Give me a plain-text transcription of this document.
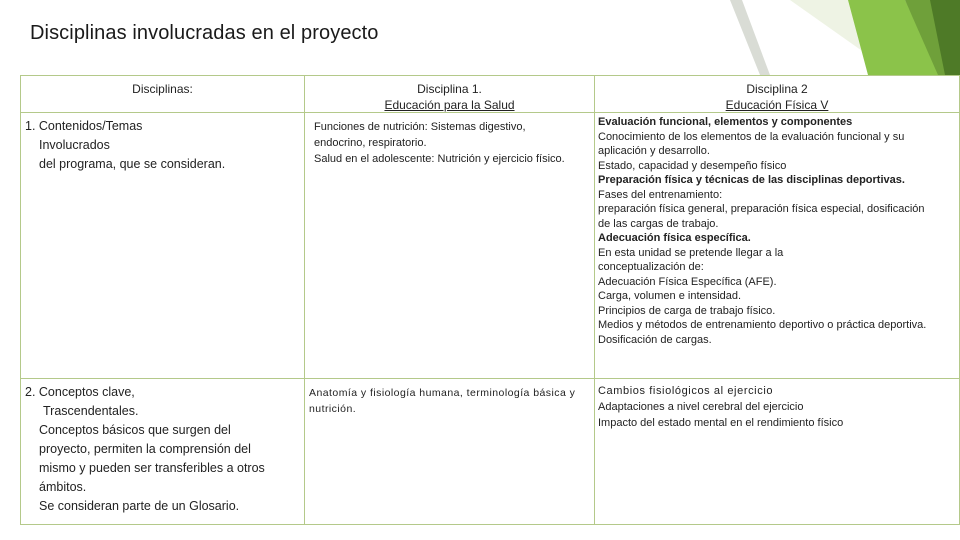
Disciplinas involucradas en el proyecto

Disciplinas:	Disciplina 1.

Educación para la Salud

Disciplina 2

Educación Física V

1. Contenidos/Temas

Involucrados

del programa, que se consideran.

Funciones de nutrición: Sistemas digestivo,

endocrino, respiratorio.

Salud en el adolescente: Nutrición y ejercicio físico.

Evaluación funcional, elementos y componentes

Conocimiento de los elementos de la evaluación funcional y su

aplicación y desarrollo.

Estado, capacidad y desempeño físico

Preparación física y técnicas de las disciplinas deportivas.

Fases del entrenamiento:

preparación física general, preparación física especial, dosificación

de las cargas de trabajo.

Adecuación física específica.

En esta unidad se pretende llegar a la

conceptualización de:

Adecuación Física Específica (AFE).

Carga, volumen e intensidad.

Principios de carga de trabajo físico.

Medios y métodos de entrenamiento deportivo o práctica deportiva.

Dosificación de cargas.

2. Conceptos clave,

Trascendentales.

Conceptos básicos que surgen del

proyecto, permiten la comprensión del

mismo y pueden ser transferibles a otros

ámbitos.

Se consideran parte de un Glosario.

Anatomía y fisiología humana, terminología básica y

nutrición.

Cambios fisiológicos al ejercicio

Adaptaciones a nivel cerebral del ejercicio

Impacto del estado mental en el rendimiento físico
